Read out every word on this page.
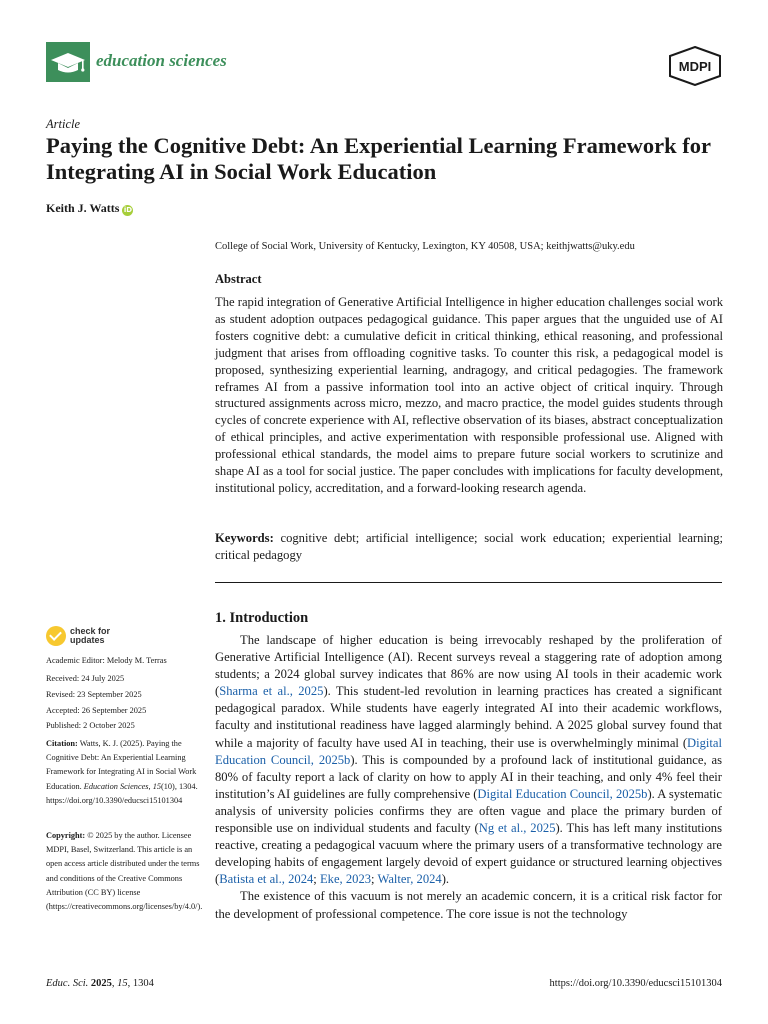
education sciences	MDPI
Article
Paying the Cognitive Debt: An Experiential Learning Framework for Integrating AI in Social Work Education
Keith J. Watts iD
College of Social Work, University of Kentucky, Lexington, KY 40508, USA; keithjwatts@uky.edu
Abstract
The rapid integration of Generative Artificial Intelligence in higher education challenges social work as student adoption outpaces pedagogical guidance. This paper argues that the unguided use of AI fosters cognitive debt: a cumulative deficit in critical thinking, ethical reasoning, and professional judgment that arises from offloading cognitive tasks. To counter this risk, a pedagogical model is proposed, synthesizing experiential learning, andragogy, and critical pedagogies. The framework reframes AI from a passive information tool into an active object of critical inquiry. Through structured assignments across micro, mezzo, and macro practice, the model guides students through cycles of concrete experience with AI, reflective observation of its biases, abstract conceptualization of ethical principles, and active experimentation with responsible professional use. Aligned with professional ethical standards, the model aims to prepare future social workers to scrutinize and shape AI as a tool for social justice. The paper concludes with implications for faculty development, institutional policy, accreditation, and a forward-looking research agenda.
Keywords: cognitive debt; artificial intelligence; social work education; experiential learning; critical pedagogy
check for
updates
Academic Editor: Melody M. Terras
Received: 24 July 2025
Revised: 23 September 2025
Accepted: 26 September 2025
Published: 2 October 2025
Citation: Watts, K. J. (2025). Paying the Cognitive Debt: An Experiential Learning Framework for Integrating AI in Social Work Education. Education Sciences, 15(10), 1304. https://doi.org/10.3390/educsci15101304
Copyright: © 2025 by the author. Licensee MDPI, Basel, Switzerland. This article is an open access article distributed under the terms and conditions of the Creative Commons Attribution (CC BY) license (https://creativecommons.org/licenses/by/4.0/).
1. Introduction

The landscape of higher education is being irrevocably reshaped by the proliferation of Generative Artificial Intelligence (AI). Recent surveys reveal a staggering rate of adoption among students; a 2024 global survey indicates that 86% are now using AI tools in their academic work (Sharma et al., 2025). This student-led revolution in learning practices has created a significant pedagogical paradox. While students have eagerly integrated AI into their academic workflows, faculty and institutional readiness have lagged alarmingly behind. A 2025 global survey found that while a majority of faculty have used AI in teaching, their use is overwhelmingly minimal (Digital Education Council, 2025b). This is compounded by a profound lack of institutional guidance, as 80% of faculty report a lack of clarity on how to apply AI in their teaching, and only 4% feel their institution’s AI guidelines are fully comprehensive (Digital Education Council, 2025b). A systematic analysis of university policies confirms they are often vague and place the primary burden of responsible use on individual students and faculty (Ng et al., 2025). This has left many institutions reactive, creating a pedagogical vacuum where the primary users of a transformative technology are developing habits of engagement largely devoid of expert guidance or structured learning objectives (Batista et al., 2024; Eke, 2023; Walter, 2024).

The existence of this vacuum is not merely an academic concern, it is a critical risk factor for the development of professional competence. The core issue is not the technology

Educ. Sci. 2025, 15, 1304	https://doi.org/10.3390/educsci15101304
